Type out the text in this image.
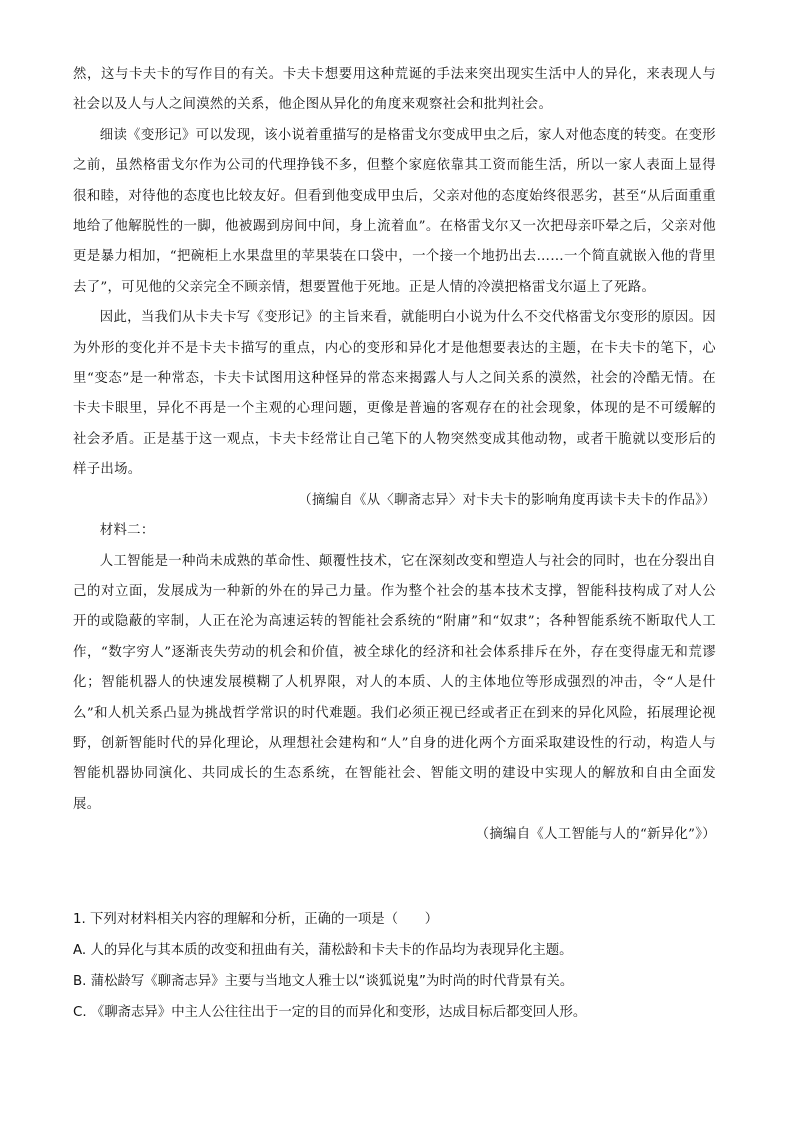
然，这与卡夫卡的写作目的有关。卡夫卡想要用这种荒诞的手法来突出现实生活中人的异化，来表现人与社会以及人与人之间漠然的关系，他企图从异化的角度来观察社会和批判社会。

细读《变形记》可以发现，该小说着重描写的是格雷戈尔变成甲虫之后，家人对他态度的转变。在变形之前，虽然格雷戈尔作为公司的代理挣钱不多，但整个家庭依靠其工资而能生活，所以一家人表面上显得很和睦，对待他的态度也比较友好。但看到他变成甲虫后，父亲对他的态度始终很恶劣，甚至“从后面重重地给了他解脱性的一脚，他被踢到房间中间，身上流着血”。在格雷戈尔又一次把母亲吓晕之后，父亲对他更是暴力相加，“把碗柜上水果盘里的苹果装在口袋中，一个接一个地扔出去……一个简直就嵌入他的背里去了”，可见他的父亲完全不顾亲情，想要置他于死地。正是人情的冷漠把格雷戈尔逼上了死路。

因此，当我们从卡夫卡写《变形记》的主旨来看，就能明白小说为什么不交代格雷戈尔变形的原因。因为外形的变化并不是卡夫卡描写的重点，内心的变形和异化才是他想要表达的主题，在卡夫卡的笔下，心里“变态”是一种常态，卡夫卡试图用这种怪异的常态来揭露人与人之间关系的漠然，社会的冷酷无情。在卡夫卡眼里，异化不再是一个主观的心理问题，更像是普遍的客观存在的社会现象，体现的是不可缓解的社会矛盾。正是基于这一观点，卡夫卡经常让自己笔下的人物突然变成其他动物，或者干脆就以变形后的样子出场。

（摘编自《从〈聊斋志异〉对卡夫卡的影响角度再读卡夫卡的作品》）

材料二：

人工智能是一种尚未成熟的革命性、颠覆性技术，它在深刻改变和塑造人与社会的同时，也在分裂出自己的对立面，发展成为一种新的外在的异己力量。作为整个社会的基本技术支撑，智能科技构成了对人公开的或隐蔽的宰制，人正在沦为高速运转的智能社会系统的“附庸”和“奴隶”；各种智能系统不断取代人工作，“数字穷人”逐渐丧失劳动的机会和价值，被全球化的经济和社会体系排斥在外，存在变得虚无和荒谬化；智能机器人的快速发展模糊了人机界限，对人的本质、人的主体地位等形成强烈的冲击，令“人是什么”和人机关系凸显为挑战哲学常识的时代难题。我们必须正视已经或者正在到来的异化风险，拓展理论视野，创新智能时代的异化理论，从理想社会建构和“人”自身的进化两个方面采取建设性的行动，构造人与智能机器协同演化、共同成长的生态系统，在智能社会、智能文明的建设中实现人的解放和自由全面发展。

（摘编自《人工智能与人的“新异化”》）

1. 下列对材料相关内容的理解和分析，正确的一项是（　　）

A. 人的异化与其本质的改变和扭曲有关，蒲松龄和卡夫卡的作品均为表现异化主题。

B. 蒲松龄写《聊斋志异》主要与当地文人雅士以“谈狐说鬼”为时尚的时代背景有关。

C. 《聊斋志异》中主人公往往出于一定的目的而异化和变形，达成目标后都变回人形。
